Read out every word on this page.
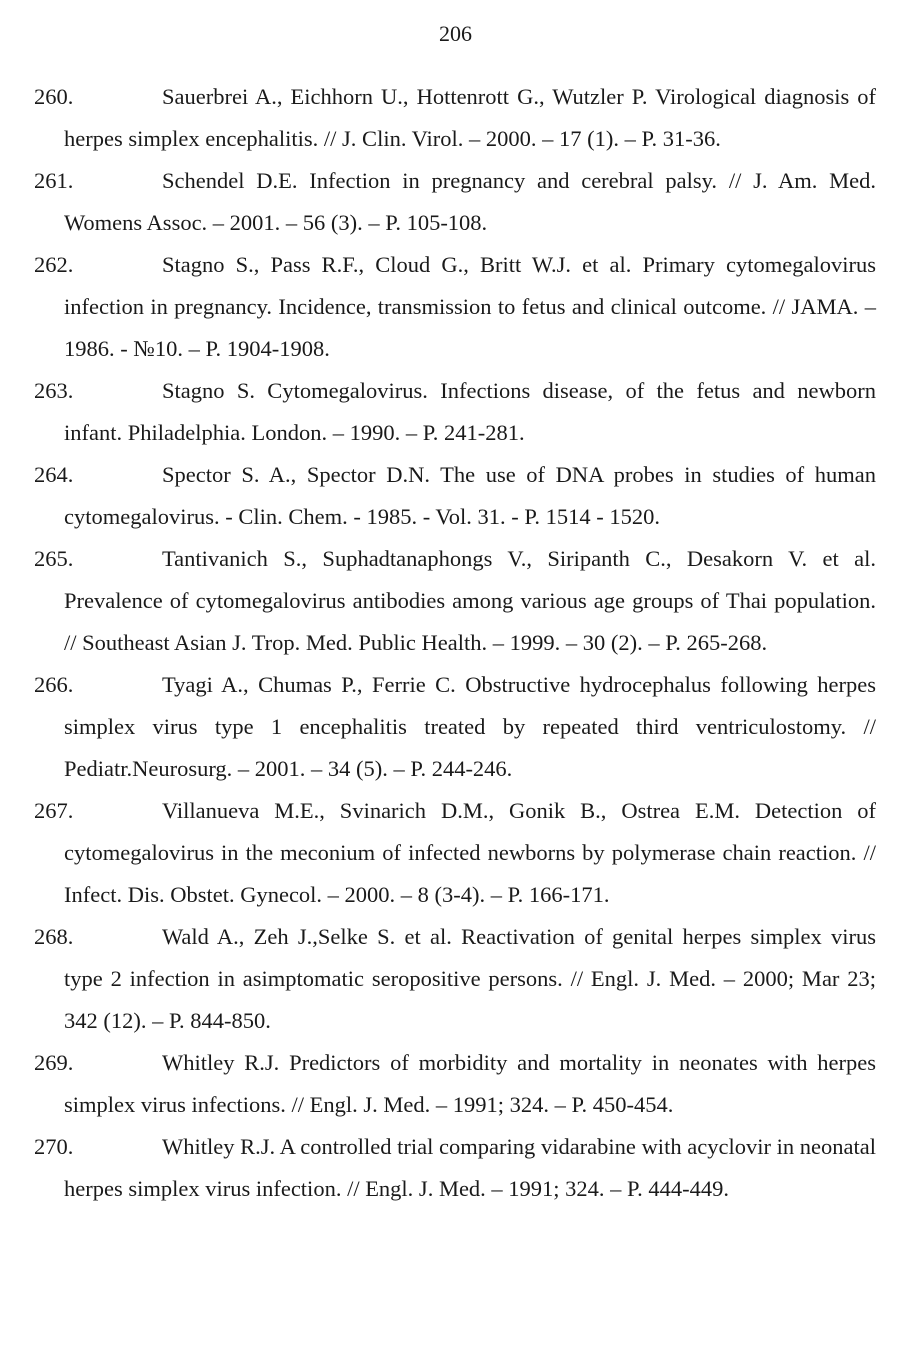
206
260.	Sauerbrei A., Eichhorn U., Hottenrott G., Wutzler P. Virological diagnosis of herpes simplex encephalitis. // J. Clin. Virol. – 2000. – 17 (1). – P. 31-36.
261.	Schendel D.E. Infection in pregnancy and cerebral palsy. // J. Am. Med. Womens Assoc. – 2001. – 56 (3). – P. 105-108.
262.	Stagno S., Pass R.F., Cloud G., Britt W.J. et al. Primary cytomegalovirus infection in pregnancy. Incidence, transmission to fetus and clinical outcome. // JAMA. – 1986. - №10. – P. 1904-1908.
263.	Stagno S. Cytomegalovirus. Infections disease, of the fetus and newborn infant. Philadelphia. London. – 1990. – P. 241-281.
264.	Spector S. A., Spector D.N. The use of DNA probes in studies of human cytomegalovirus. - Clin. Chem. - 1985. - Vol. 31. - P. 1514 - 1520.
265.	Tantivanich S., Suphadtanaphongs V., Siripanth C., Desakorn V. et al. Prevalence of cytomegalovirus antibodies among various age groups of Thai population. // Southeast Asian J. Trop. Med. Public Health. – 1999. – 30 (2). – P. 265-268.
266.	Tyagi A., Chumas P., Ferrie C. Obstructive hydrocephalus following herpes simplex virus type 1 encephalitis treated by repeated third ventriculostomy. // Pediatr.Neurosurg. – 2001. – 34 (5). – P. 244-246.
267.	Villanueva M.E., Svinarich D.M., Gonik B., Ostrea E.M. Detection of cytomegalovirus in the meconium of infected newborns by polymerase chain reaction. // Infect. Dis. Obstet. Gynecol. – 2000. – 8 (3-4). – P. 166-171.
268.	Wald A., Zeh J.,Selke S. et al. Reactivation of genital herpes simplex virus type 2 infection in asimptomatic seropositive persons. // Engl. J. Med. – 2000; Mar 23; 342 (12). – P. 844-850.
269.	Whitley R.J. Predictors of morbidity and mortality in neonates with herpes simplex virus infections. // Engl. J. Med. – 1991; 324. – P. 450-454.
270.	Whitley R.J. A controlled trial comparing vidarabine with acyclovir in neonatal herpes simplex virus infection. // Engl. J. Med. – 1991; 324. – P. 444-449.
